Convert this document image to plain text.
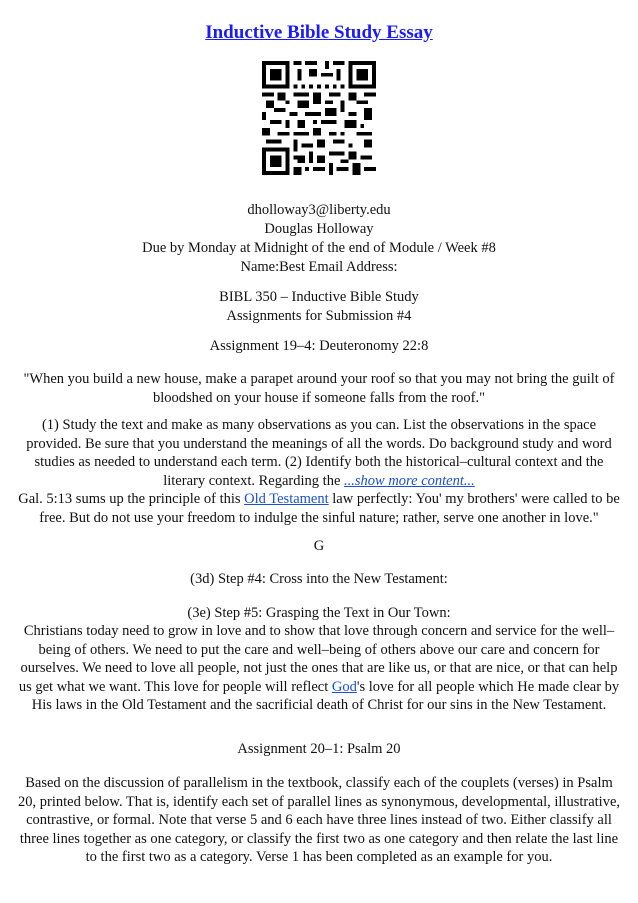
Inductive Bible Study Essay
dholloway3@liberty.edu
Douglas Holloway
Due by Monday at Midnight of the end of Module / Week #8
Name:Best Email Address:
BIBL 350 – Inductive Bible Study
Assignments for Submission #4
Assignment 19–4: Deuteronomy 22:8
"When you build a new house, make a parapet around your roof so that you may not bring the guilt of bloodshed on your house if someone falls from the roof."
(1) Study the text and make as many observations as you can. List the observations in the space provided. Be sure that you understand the meanings of all the words. Do background study and word studies as needed to understand each term. (2) Identify both the historical–cultural context and the literary context. Regarding the ...show more content...
Gal. 5:13 sums up the principle of this Old Testament law perfectly: You' my brothers' were called to be free. But do not use your freedom to indulge the sinful nature; rather, serve one another in love."
G
(3d) Step #4: Cross into the New Testament:
(3e) Step #5: Grasping the Text in Our Town:
Christians today need to grow in love and to show that love through concern and service for the well–being of others. We need to put the care and well–being of others above our care and concern for ourselves. We need to love all people, not just the ones that are like us, or that are nice, or that can help us get what we want. This love for people will reflect God's love for all people which He made clear by His laws in the Old Testament and the sacrificial death of Christ for our sins in the New Testament.
Assignment 20–1: Psalm 20
Based on the discussion of parallelism in the textbook, classify each of the couplets (verses) in Psalm 20, printed below. That is, identify each set of parallel lines as synonymous, developmental, illustrative, contrastive, or formal. Note that verse 5 and 6 each have three lines instead of two. Either classify all three lines together as one category, or classify the first two as one category and then relate the last line to the first two as a category. Verse 1 has been completed as an example for you.
